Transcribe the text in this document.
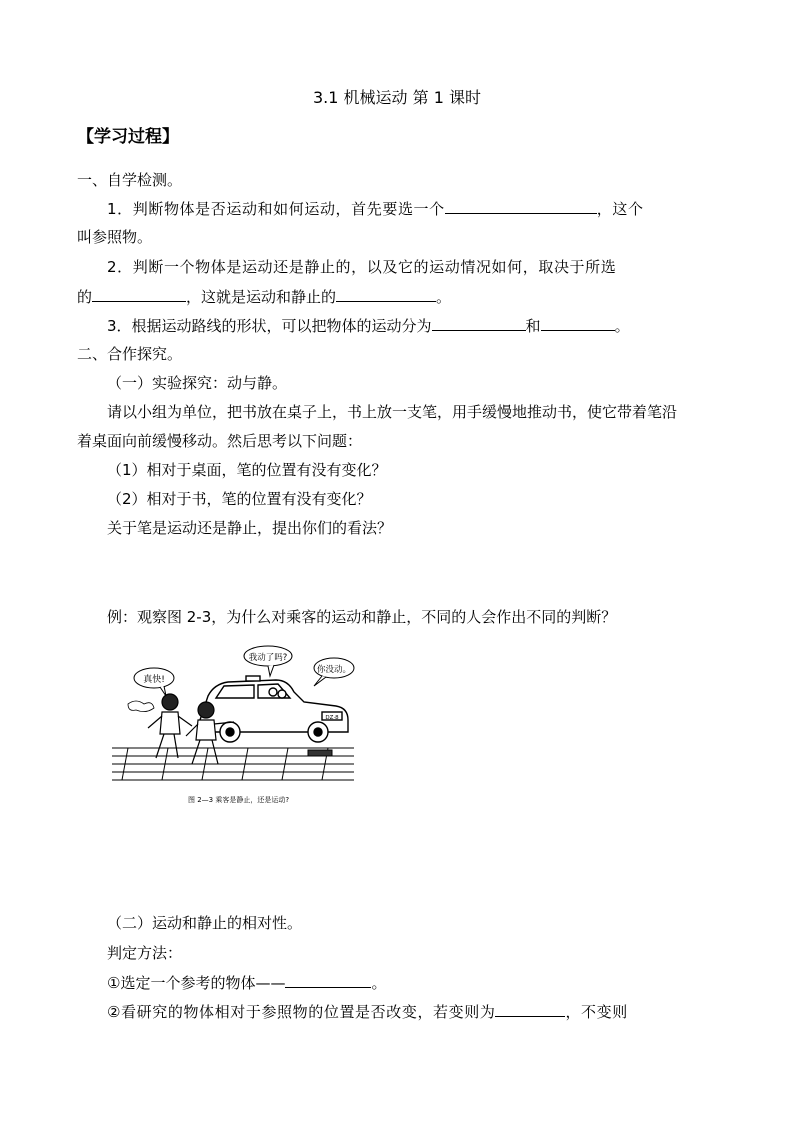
3.1 机械运动 第 1 课时
【学习过程】
一、自学检测。
1．判断物体是否运动和如何运动，首先要选一个	，这个
叫参照物。
2．判断一个物体是运动还是静止的，以及它的运动情况如何，取决于所选
的	，这就是运动和静止的	。
3．根据运动路线的形状，可以把物体的运动分为	和	。
二、合作探究。
（一）实验探究：动与静。
请以小组为单位，把书放在桌子上，书上放一支笔，用手缓慢地推动书，使它带着笔沿
着桌面向前缓慢移动。然后思考以下问题：
（1）相对于桌面，笔的位置有没有变化？
（2）相对于书，笔的位置有没有变化？
关于笔是运动还是静止，提出你们的看法？
例：观察图 2-3，为什么对乘客的运动和静止，不同的人会作出不同的判断？
DZ·8
真快!
我动了吗?
你没动。
图 2—3 乘客是静止，还是运动?
（二）运动和静止的相对性。
判定方法：
①选定一个参考的物体——	。
②看研究的物体相对于参照物的位置是否改变，若变则为	，不变则
